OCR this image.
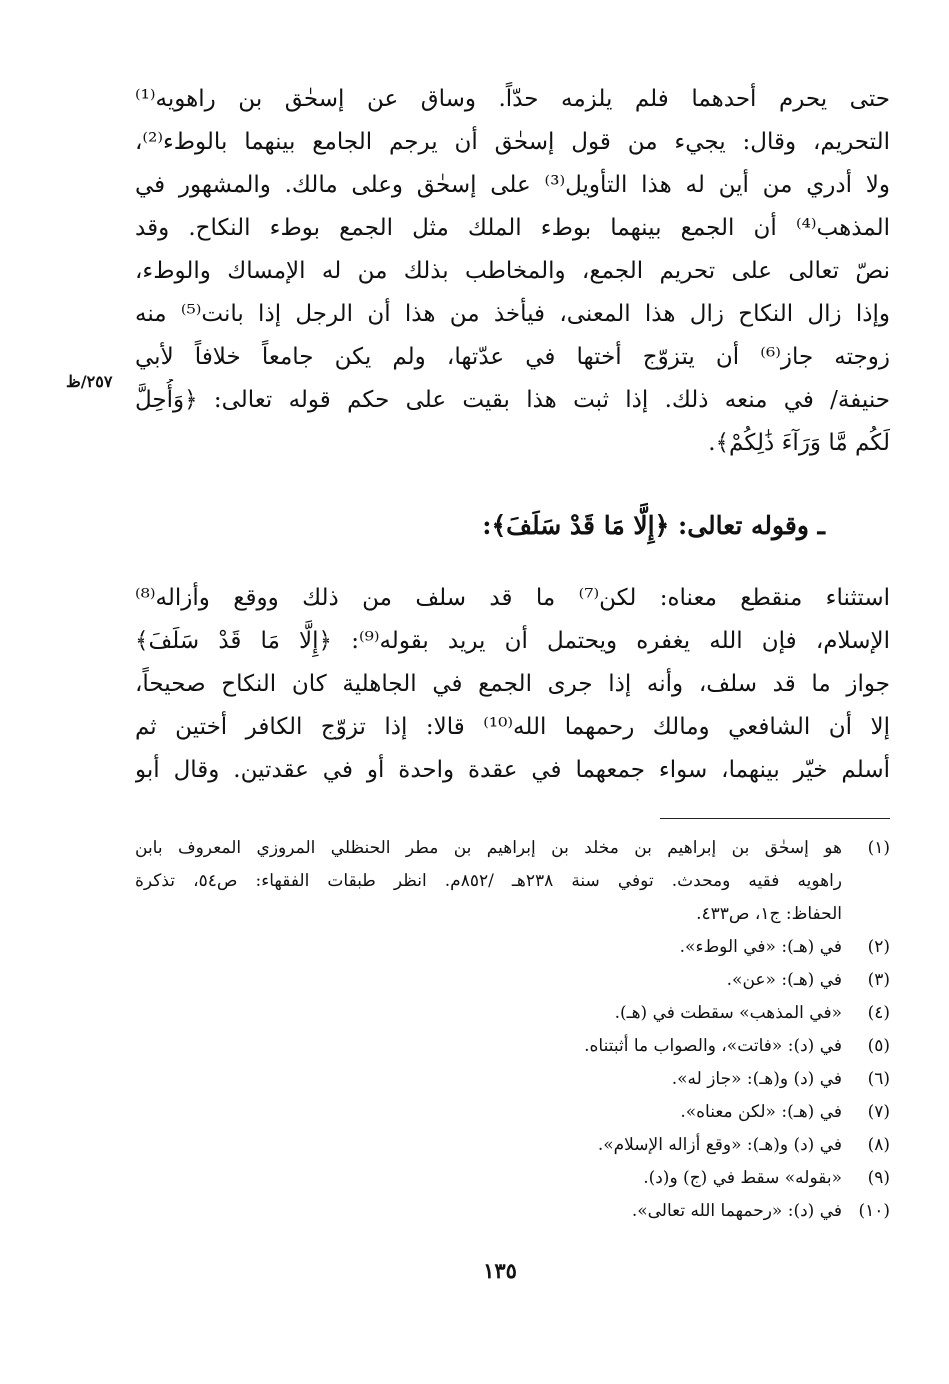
حتى يحرم أحدهما فلم يلزمه حدّاً. وساق عن إسحٰق بن راهويه⁽¹⁾
التحريم، وقال: يجيء من قول إسحٰق أن يرجم الجامع بينهما بالوطء⁽²⁾،
ولا أدري من أين له هذا التأويل⁽³⁾ على إسحٰق وعلى مالك. والمشهور في
المذهب⁽⁴⁾ أن الجمع بينهما بوطء الملك مثل الجمع بوطء النكاح. وقد
نصّ تعالى على تحريم الجمع، والمخاطب بذلك من له الإمساك والوطء،
وإذا زال النكاح زال هذا المعنى، فيأخذ من هذا أن الرجل إذا بانت⁽⁵⁾ منه
زوجته جاز⁽⁶⁾ أن يتزوّج أختها في عدّتها، ولم يكن جامعاً خلافاً لأبي
حنيفة/ في منعه ذلك. إذا ثبت هذا بقيت على حكم قوله تعالى: ﴿وَأُحِلَّ
لَكُم مَّا وَرَآءَ ذَٰلِكُمْ﴾.
٢٥٧/ظ
ـ وقوله تعالى: ﴿إِلَّا مَا قَدْ سَلَفَ﴾:
استثناء منقطع معناه: لكن⁽⁷⁾ ما قد سلف من ذلك ووقع وأزاله⁽⁸⁾
الإسلام، فإن الله يغفره ويحتمل أن يريد بقوله⁽⁹⁾: ﴿إِلَّا مَا قَدْ سَلَفَ﴾
جواز ما قد سلف، وأنه إذا جرى الجمع في الجاهلية كان النكاح صحيحاً،
إلا أن الشافعي ومالك رحمهما الله⁽¹⁰⁾ قالا: إذا تزوّج الكافر أختين ثم
أسلم خيّر بينهما، سواء جمعهما في عقدة واحدة أو في عقدتين. وقال أبو
(١)
هو إسحٰق بن إبراهيم بن مخلد بن إبراهيم بن مطر الحنظلي المروزي المعروف بابن
راهويه فقيه ومحدث. توفي سنة ٢٣٨هـ /٨٥٢م. انظر طبقات الفقهاء: ص٥٤، تذكرة
الحفاظ: ج١، ص٤٣٣.
(٢)
في (هـ): «في الوطء».
(٣)
في (هـ): «عن».
(٤)
«في المذهب» سقطت في (هـ).
(٥)
في (د): «فاتت»، والصواب ما أثبتناه.
(٦)
في (د) و(هـ): «جاز له».
(٧)
في (هـ): «لكن معناه».
(٨)
في (د) و(هـ): «وقع أزاله الإسلام».
(٩)
«بقوله» سقط في (ج) و(د).
(١٠)
في (د): «رحمهما الله تعالى».
١٣٥
